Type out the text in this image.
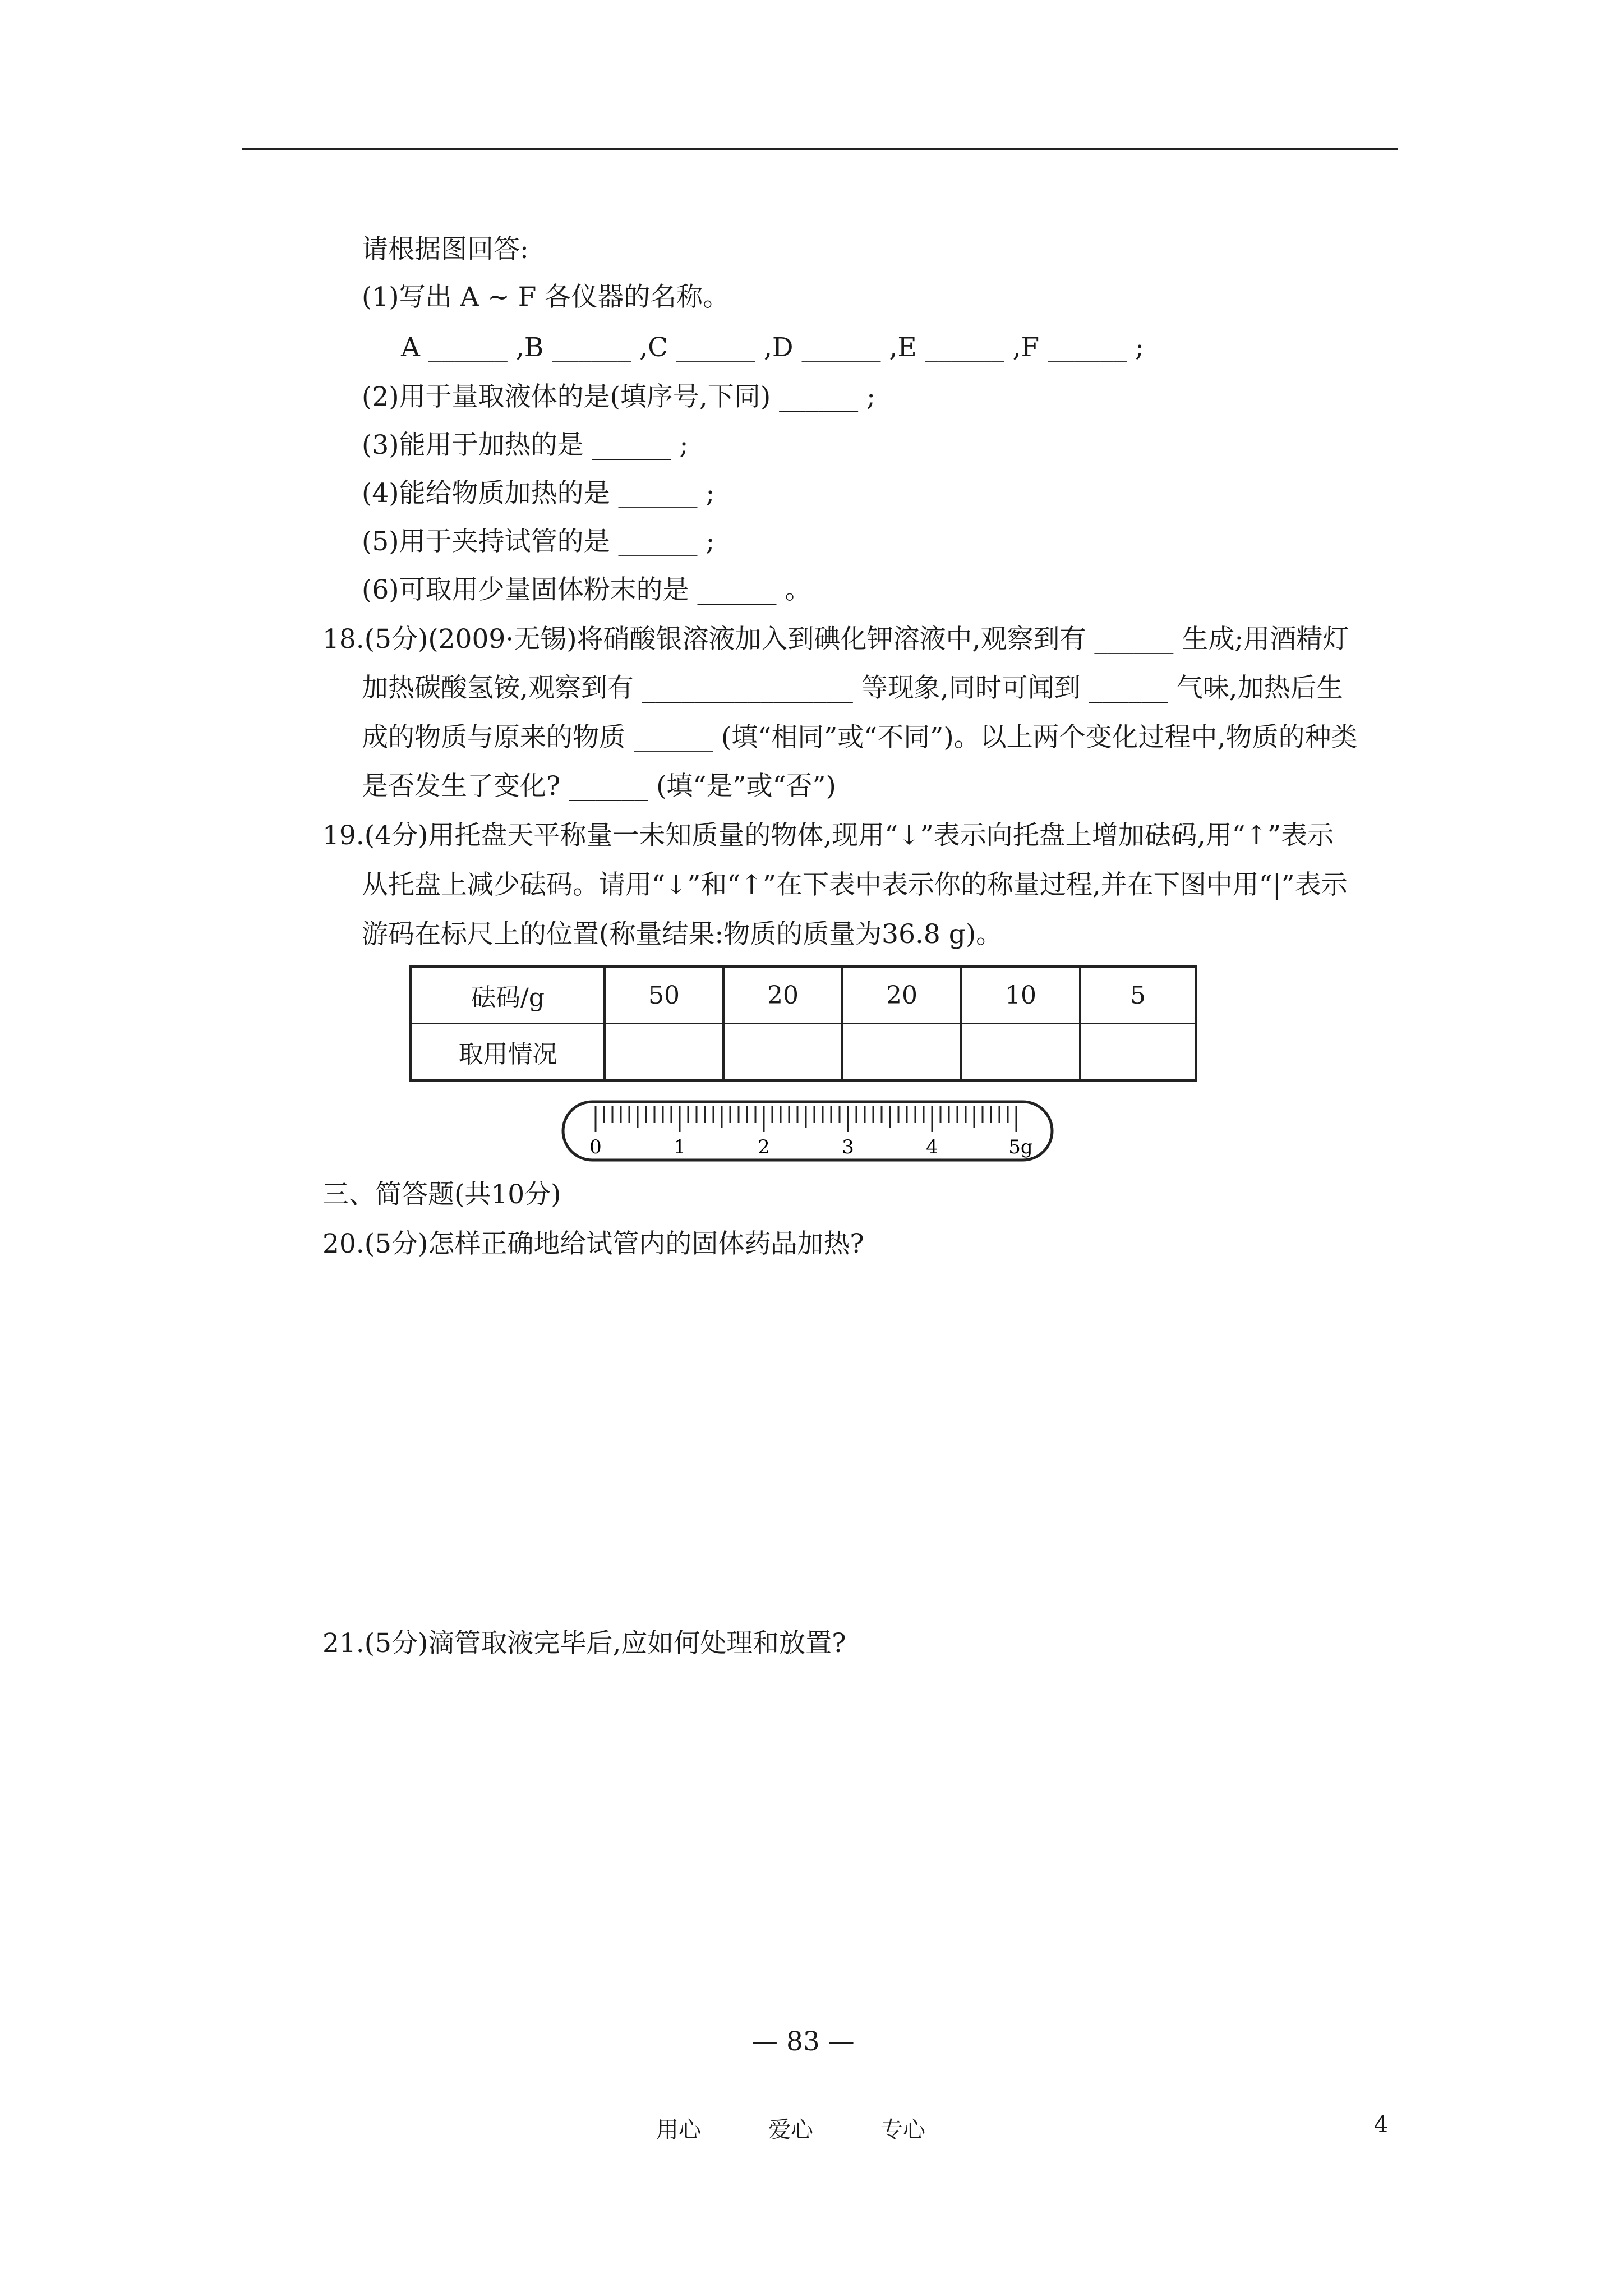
请根据图回答:
(1)写出 A ~ F 各仪器的名称。
A ______ ,B ______ ,C ______ ,D ______ ,E ______ ,F ______ ;
(2)用于量取液体的是(填序号,下同) ______ ;
(3)能用于加热的是 ______ ;
(4)能给物质加热的是 ______ ;
(5)用于夹持试管的是 ______ ;
(6)可取用少量固体粉末的是 ______ 。
18.(5分)(2009·无锡)将硝酸银溶液加入到碘化钾溶液中,观察到有 ______ 生成;用酒精灯
加热碳酸氢铵,观察到有 ________________ 等现象,同时可闻到 ______ 气味,加热后生
成的物质与原来的物质 ______ (填“相同”或“不同”)。以上两个变化过程中,物质的种类
是否发生了变化? ______ (填“是”或“否”)
19.(4分)用托盘天平称量一未知质量的物体,现用“↓”表示向托盘上增加砝码,用“↑”表示
从托盘上减少砝码。请用“↓”和“↑”在下表中表示你的称量过程,并在下图中用“|”表示
游码在标尺上的位置(称量结果:物质的质量为36.8 g)。
砝码/g	50	20	20	10	5
取用情况
0	1	2	3	4	5g
三、简答题(共10分)
20.(5分)怎样正确地给试管内的固体药品加热?
21.(5分)滴管取液完毕后,应如何处理和放置?
— 83 —
用心	爱心	专心	4
